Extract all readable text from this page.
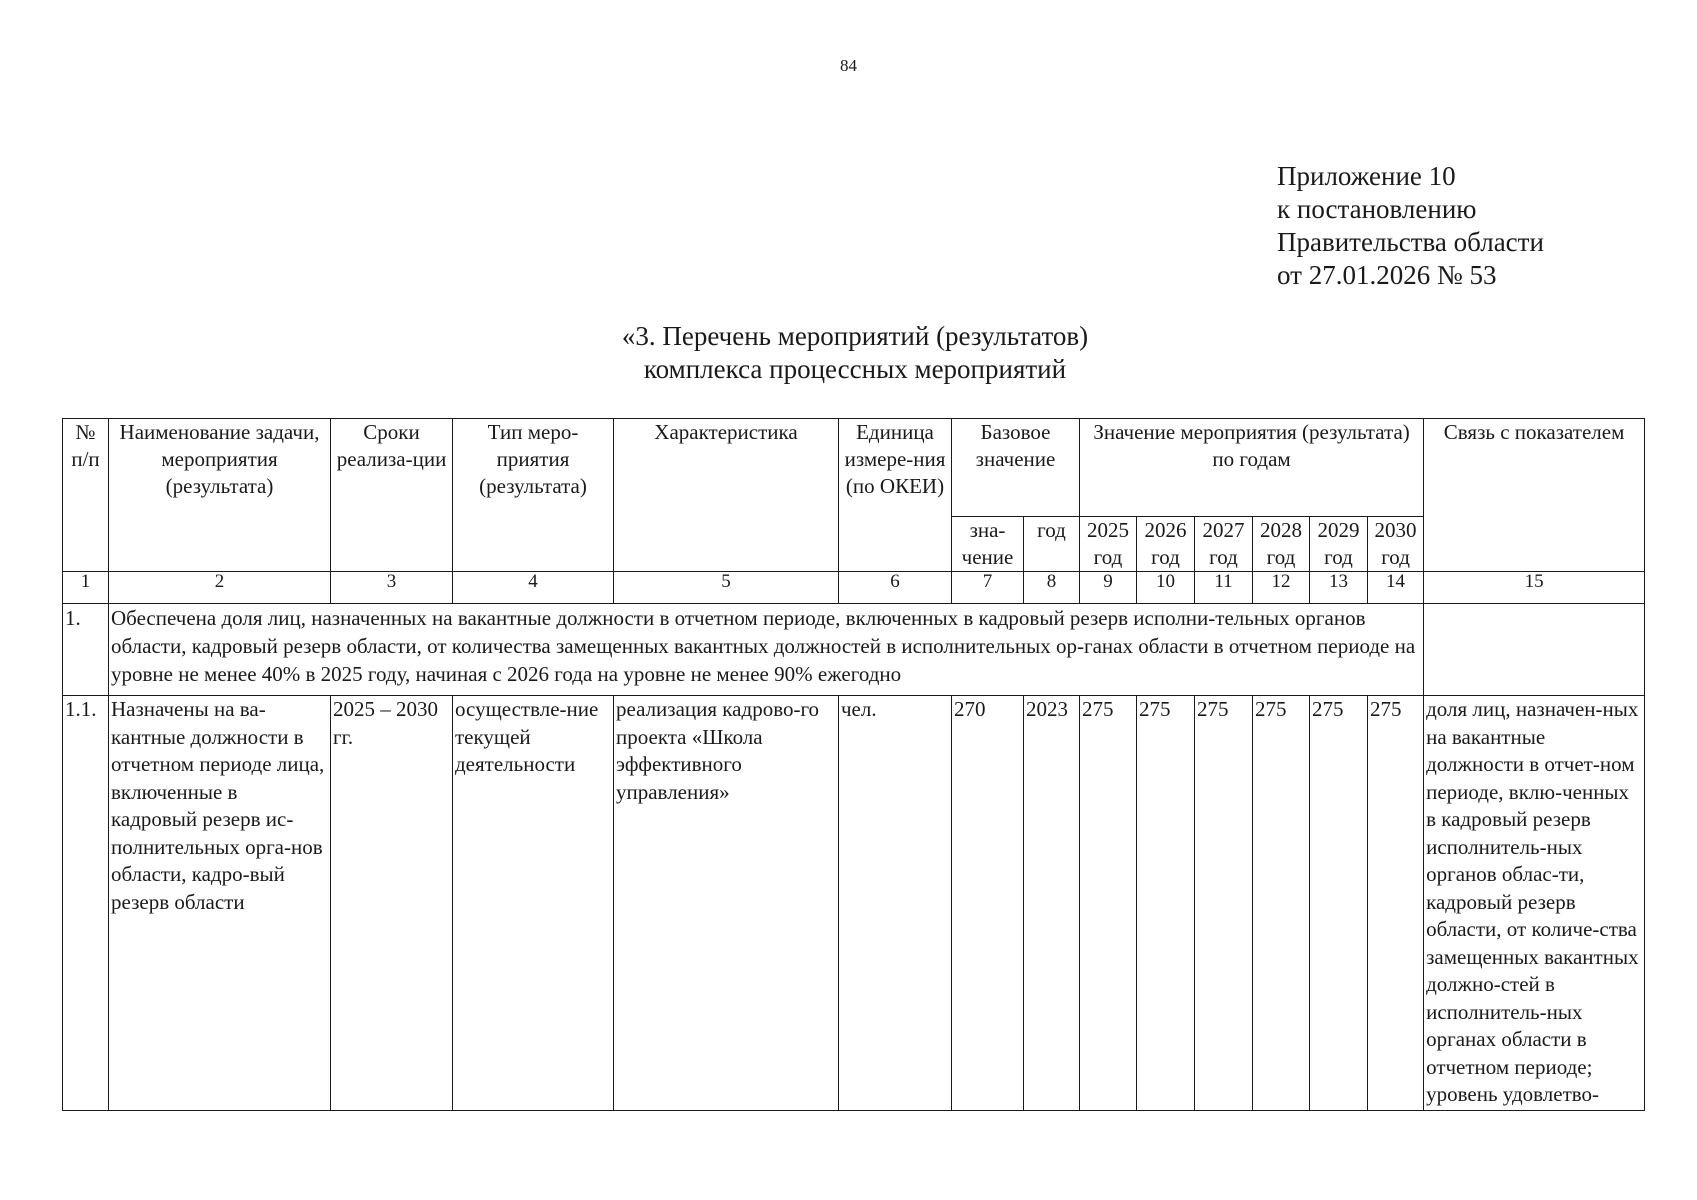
84
Приложение 10
к постановлению
Правительства области
от 27.01.2026 № 53
«3. Перечень мероприятий (результатов)
комплекса процессных мероприятий
№ п/п	Наименование задачи, мероприятия (результата)	Сроки реализа-ции	Тип меро-приятия (результата)	Характеристика	Единица измере-ния (по ОКЕИ)	Базовое значение		Значение мероприятия (результата) по годам						Связь с показателем
						зна-чение	год	2025 год	2026 год	2027 год	2028 год	2029 год	2030 год	
1	2	3	4	5	6	7	8	9	10	11	12	13	14	15
1.	Обеспечена доля лиц, назначенных на вакантные должности в отчетном периоде, включенных в кадровый резерв исполни-тельных органов области, кадровый резерв области, от количества замещенных вакантных должностей в исполнительных ор-ганах области в отчетном периоде на уровне не менее 40% в 2025 году, начиная с 2026 года на уровне не менее 90% ежегодно													
1.1.	Назначены на ва-кантные должности в отчетном периоде лица, включенные в кадровый резерв ис-полнительных орга-нов области, кадро-вый резерв области	2025 – 2030 гг.	осуществле-ние текущей деятельности	реализация кадрово-го проекта «Школа эффективного управления»	чел.	270	2023	275	275	275	275	275	275	доля лиц, назначен-ных на вакантные должности в отчет-ном периоде, вклю-ченных в кадровый резерв исполнитель-ных органов облас-ти, кадровый резерв области, от количе-ства замещенных вакантных должно-стей в исполнитель-ных органах области в отчетном периоде; уровень удовлетво-
